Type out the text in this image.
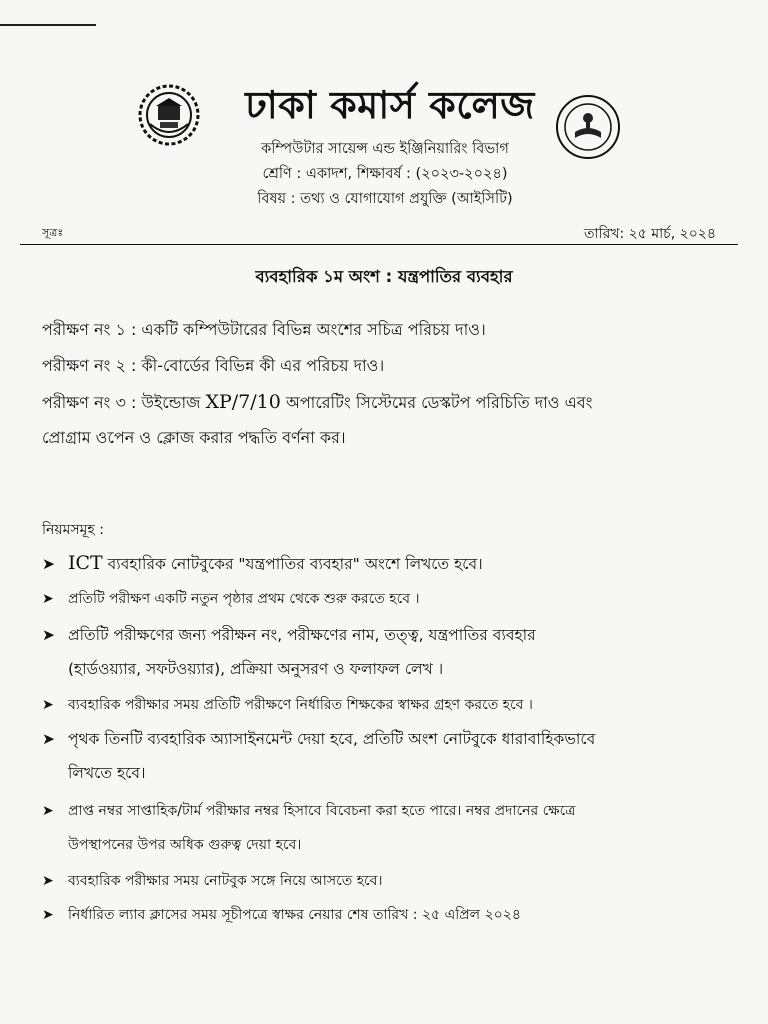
ঢাকা কমার্স কলেজ
কম্পিউটার সায়েন্স এন্ড ইঞ্জিনিয়ারিং বিভাগ
শ্রেণি : একাদশ, শিক্ষাবর্ষ : (২০২৩-২০২৪)
বিষয় : তথ্য ও যোগাযোগ প্রযুক্তি (আইসিটি)
সূত্রঃ	তারিখ: ২৫ মার্চ, ২০২৪
ব্যবহারিক ১ম অংশ : যন্ত্রপাতির ব্যবহার
পরীক্ষণ নং ১ : একটি কম্পিউটারের বিভিন্ন অংশের সচিত্র পরিচয় দাও।
পরীক্ষণ নং ২ : কী-বোর্ডের বিভিন্ন কী এর পরিচয় দাও।
পরীক্ষণ নং ৩ : উইন্ডোজ XP/7/10 অপারেটিং সিস্টেমের ডেস্কটপ পরিচিতি দাও এবং
প্রোগ্রাম ওপেন ও ক্লোজ করার পদ্ধতি বর্ণনা কর।
নিয়মসমূহ :
➤ ICT ব্যবহারিক নোটবুকের "যন্ত্রপাতির ব্যবহার" অংশে লিখতে হবে।
➤ প্রতিটি পরীক্ষণ একটি নতুন পৃষ্ঠার প্রথম থেকে শুরু করতে হবে ।
➤ প্রতিটি পরীক্ষণের জন্য পরীক্ষন নং, পরীক্ষণের নাম, তত্ত্ব, যন্ত্রপাতির ব্যবহার
(হার্ডওয়্যার, সফটওয়্যার), প্রক্রিয়া অনুসরণ ও ফলাফল লেখ ।
➤ ব্যবহারিক পরীক্ষার সময় প্রতিটি পরীক্ষণে নির্ধারিত শিক্ষকের স্বাক্ষর গ্রহণ করতে হবে ।
➤ পৃথক তিনটি ব্যবহারিক অ্যাসাইনমেন্ট দেয়া হবে, প্রতিটি অংশ নোটবুকে ধারাবাহিকভাবে
লিখতে হবে।
➤ প্রাপ্ত নম্বর সাপ্তাহিক/টার্ম পরীক্ষার নম্বর হিসাবে বিবেচনা করা হতে পারে। নম্বর প্রদানের ক্ষেত্রে
উপস্থাপনের উপর অধিক গুরুত্ব দেয়া হবে।
➤ ব্যবহারিক পরীক্ষার সময় নোটবুক সঙ্গে নিয়ে আসতে হবে।
➤ নির্ধারিত ল্যাব ক্লাসের সময় সূচীপত্রে স্বাক্ষর নেয়ার শেষ তারিখ : ২৫ এপ্রিল ২০২৪
